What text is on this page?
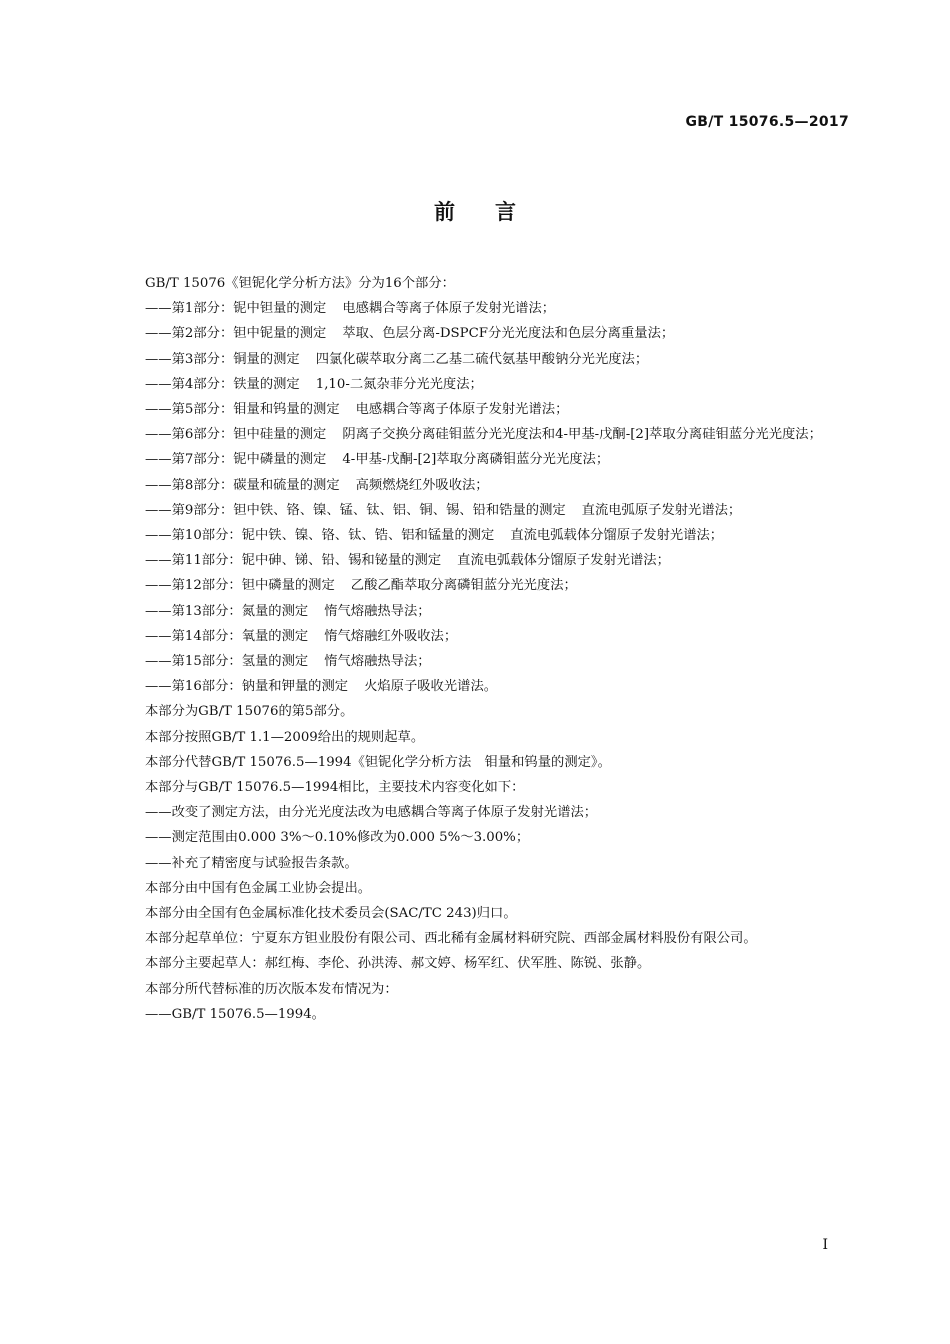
GB/T 15076.5—2017
前言

GB/T 15076《钽铌化学分析方法》分为16个部分：

——第1部分：铌中钽量的测定 电感耦合等离子体原子发射光谱法；

——第2部分：钽中铌量的测定 萃取、色层分离-DSPCF分光光度法和色层分离重量法；

——第3部分：铜量的测定 四氯化碳萃取分离二乙基二硫代氨基甲酸钠分光光度法；

——第4部分：铁量的测定 1,10-二氮杂菲分光光度法；

——第5部分：钼量和钨量的测定 电感耦合等离子体原子发射光谱法；

——第6部分：钽中硅量的测定 阴离子交换分离硅钼蓝分光光度法和4-甲基-戊酮-[2]萃取分离硅钼蓝分光光度法；

——第7部分：铌中磷量的测定 4-甲基-戊酮-[2]萃取分离磷钼蓝分光光度法；

——第8部分：碳量和硫量的测定 高频燃烧红外吸收法；

——第9部分：钽中铁、铬、镍、锰、钛、铝、铜、锡、铅和锆量的测定 直流电弧原子发射光谱法；

——第10部分：铌中铁、镍、铬、钛、锆、铝和锰量的测定 直流电弧载体分馏原子发射光谱法；

——第11部分：铌中砷、锑、铅、锡和铋量的测定 直流电弧载体分馏原子发射光谱法；

——第12部分：钽中磷量的测定 乙酸乙酯萃取分离磷钼蓝分光光度法；

——第13部分：氮量的测定 惰气熔融热导法；

——第14部分：氧量的测定 惰气熔融红外吸收法；

——第15部分：氢量的测定 惰气熔融热导法；

——第16部分：钠量和钾量的测定 火焰原子吸收光谱法。

本部分为GB/T 15076的第5部分。

本部分按照GB/T 1.1—2009给出的规则起草。

本部分代替GB/T 15076.5—1994《钽铌化学分析方法　钼量和钨量的测定》。

本部分与GB/T 15076.5—1994相比，主要技术内容变化如下：

——改变了测定方法，由分光光度法改为电感耦合等离子体原子发射光谱法；

——测定范围由0.000 3%～0.10%修改为0.000 5%～3.00%；

——补充了精密度与试验报告条款。

本部分由中国有色金属工业协会提出。

本部分由全国有色金属标准化技术委员会(SAC/TC 243)归口。

本部分起草单位：宁夏东方钽业股份有限公司、西北稀有金属材料研究院、西部金属材料股份有限公司。

本部分主要起草人：郝红梅、李伦、孙洪涛、郝文婷、杨军红、伏军胜、陈锐、张静。

本部分所代替标准的历次版本发布情况为：

——GB/T 15076.5—1994。

I
